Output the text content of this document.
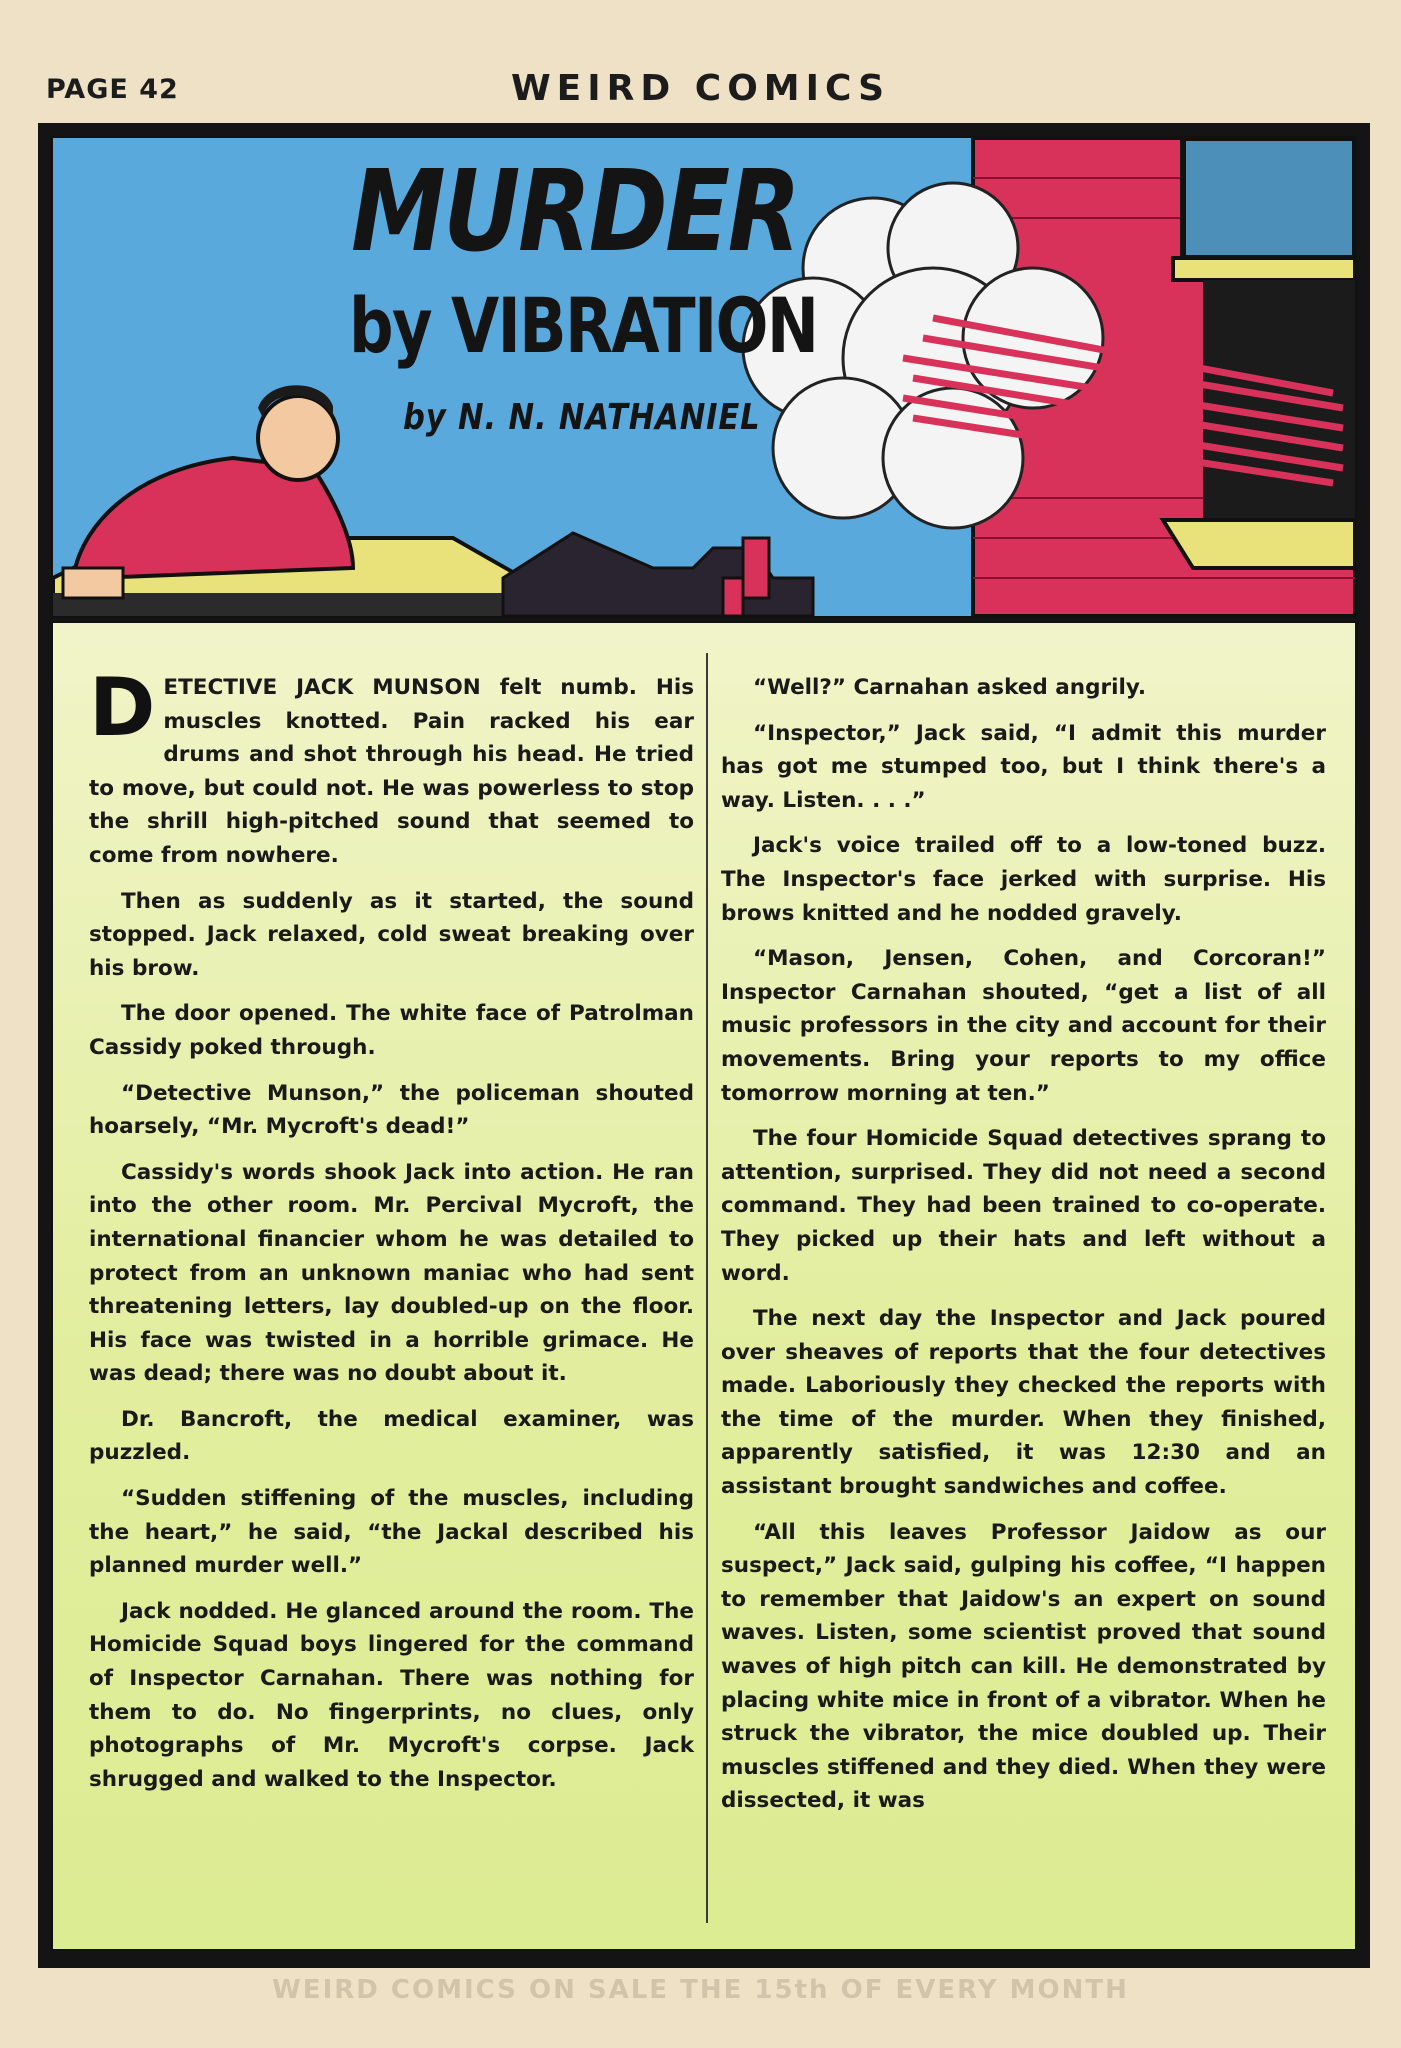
PAGE 42	WEIRD COMICS
MURDER
by VIBRATION
by N. N. NATHANIEL

DETECTIVE JACK MUNSON felt numb. His muscles knotted. Pain racked his ear drums and shot through his head. He tried to move, but could not. He was powerless to stop the shrill high-pitched sound that seemed to come from nowhere.

Then as suddenly as it started, the sound stopped. Jack relaxed, cold sweat breaking over his brow.

The door opened. The white face of Patrolman Cassidy poked through.

“Detective Munson,” the policeman shouted hoarsely, “Mr. Mycroft's dead!”

Cassidy's words shook Jack into action. He ran into the other room. Mr. Percival Mycroft, the international financier whom he was detailed to protect from an unknown maniac who had sent threatening letters, lay doubled-up on the floor. His face was twisted in a horrible grimace. He was dead; there was no doubt about it.

Dr. Bancroft, the medical examiner, was puzzled.

“Sudden stiffening of the muscles, including the heart,” he said, “the Jackal described his planned murder well.”

Jack nodded. He glanced around the room. The Homicide Squad boys lingered for the command of Inspector Carnahan. There was nothing for them to do. No fingerprints, no clues, only photographs of Mr. Mycroft's corpse. Jack shrugged and walked to the Inspector.

“Well?” Carnahan asked angrily.

“Inspector,” Jack said, “I admit this murder has got me stumped too, but I think there's a way. Listen. . . .”

Jack's voice trailed off to a low-toned buzz. The Inspector's face jerked with surprise. His brows knitted and he nodded gravely.

“Mason, Jensen, Cohen, and Corcoran!” Inspector Carnahan shouted, “get a list of all music professors in the city and account for their movements. Bring your reports to my office tomorrow morning at ten.”

The four Homicide Squad detectives sprang to attention, surprised. They did not need a second command. They had been trained to co-operate. They picked up their hats and left without a word.

The next day the Inspector and Jack poured over sheaves of reports that the four detectives made. Laboriously they checked the reports with the time of the murder. When they finished, apparently satisfied, it was 12:30 and an assistant brought sandwiches and coffee.

“All this leaves Professor Jaidow as our suspect,” Jack said, gulping his coffee, “I happen to remember that Jaidow's an expert on sound waves. Listen, some scientist proved that sound waves of high pitch can kill. He demonstrated by placing white mice in front of a vibrator. When he struck the vibrator, the mice doubled up. Their muscles stiffened and they died. When they were dissected, it was

WEIRD COMICS ON SALE THE 15th OF EVERY MONTH
